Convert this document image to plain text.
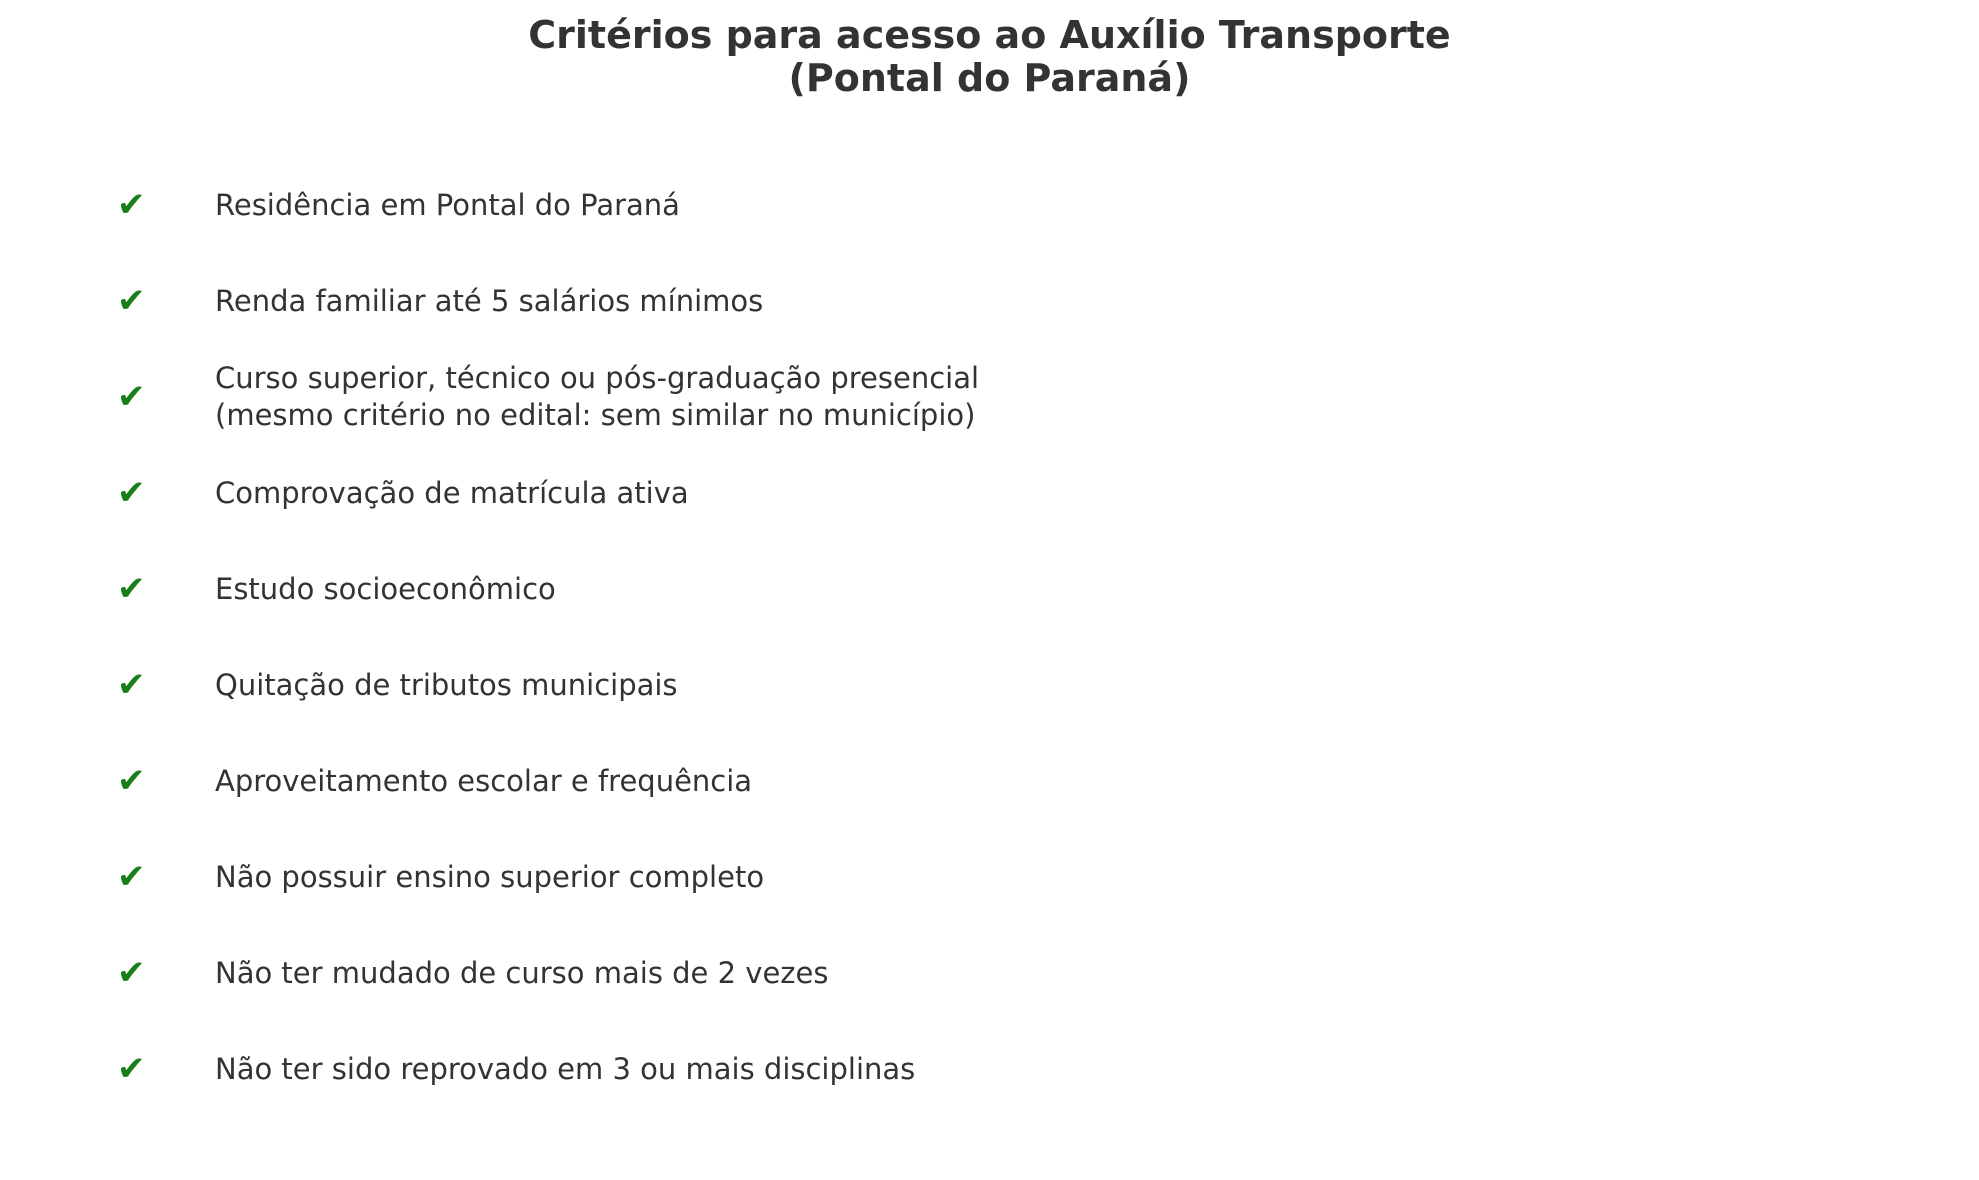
Critérios para acesso ao Auxílio Transporte
(Pontal do Paraná)
✔	Residência em Pontal do Paraná
✔	Renda familiar até 5 salários mínimos
✔	Curso superior, técnico ou pós-graduação presencial
(mesmo critério no edital: sem similar no município)
✔	Comprovação de matrícula ativa
✔	Estudo socioeconômico
✔	Quitação de tributos municipais
✔	Aproveitamento escolar e frequência
✔	Não possuir ensino superior completo
✔	Não ter mudado de curso mais de 2 vezes
✔	Não ter sido reprovado em 3 ou mais disciplinas
